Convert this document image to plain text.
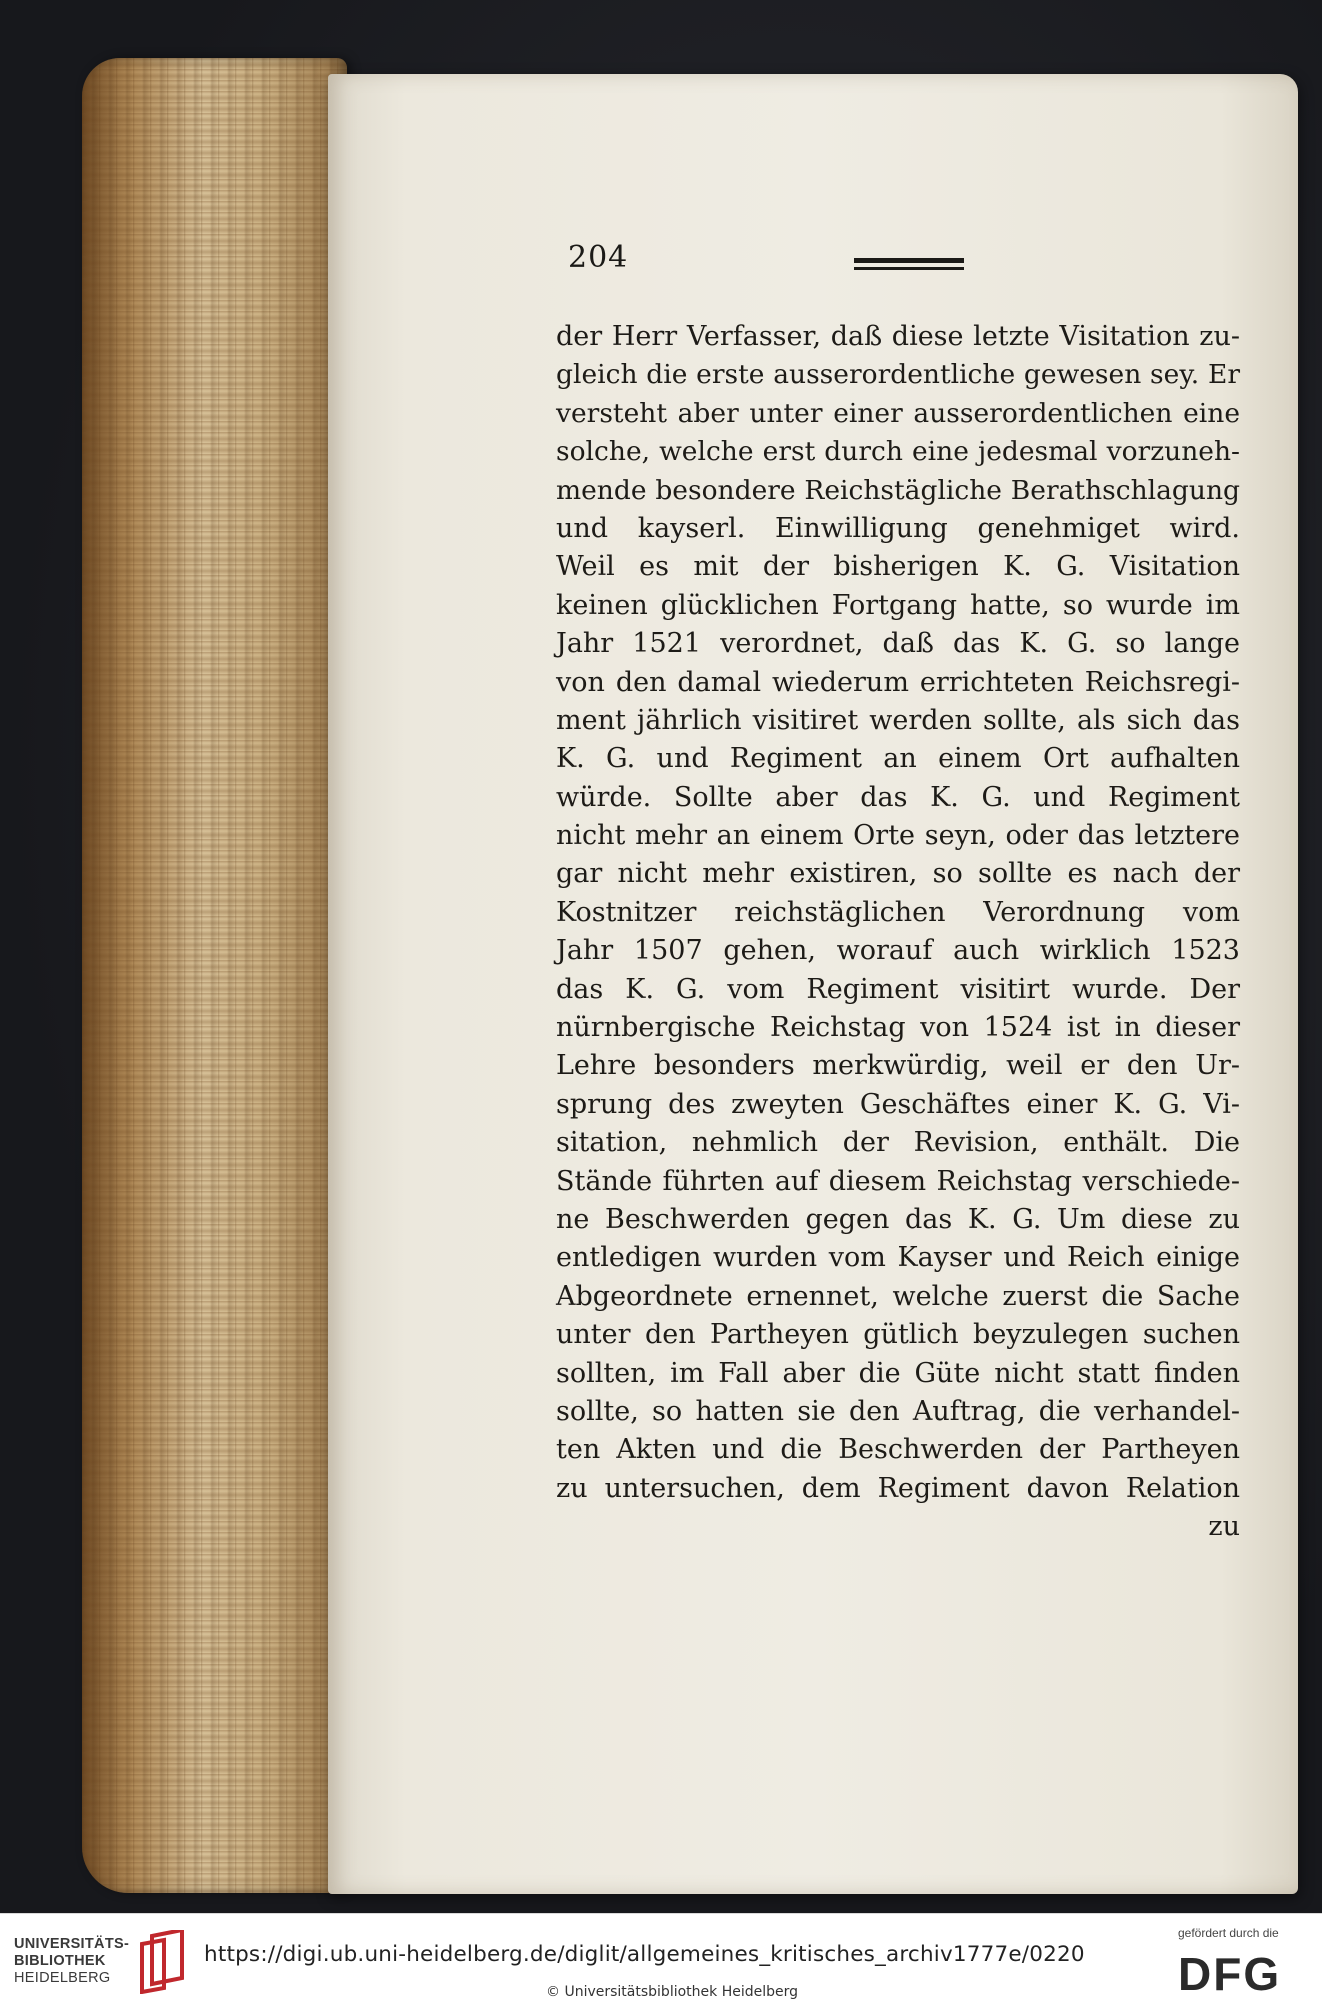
204
der Herr Verfasser, daß diese letzte Visitation zu-
gleich die erste ausserordentliche gewesen sey. Er
versteht aber unter einer ausserordentlichen eine
solche, welche erst durch eine jedesmal vorzuneh-
mende besondere Reichstägliche Berathschlagung
und kayserl. Einwilligung genehmiget wird.
Weil es mit der bisherigen K. G. Visitation
keinen glücklichen Fortgang hatte, so wurde im
Jahr 1521 verordnet, daß das K. G. so lange
von den damal wiederum errichteten Reichsregi-
ment jährlich visitiret werden sollte, als sich das
K. G. und Regiment an einem Ort aufhalten
würde. Sollte aber das K. G. und Regiment
nicht mehr an einem Orte seyn, oder das letztere
gar nicht mehr existiren, so sollte es nach der
Kostnitzer reichstäglichen Verordnung vom
Jahr 1507 gehen, worauf auch wirklich 1523
das K. G. vom Regiment visitirt wurde. Der
nürnbergische Reichstag von 1524 ist in dieser
Lehre besonders merkwürdig, weil er den Ur-
sprung des zweyten Geschäftes einer K. G. Vi-
sitation, nehmlich der Revision, enthält. Die
Stände führten auf diesem Reichstag verschiede-
ne Beschwerden gegen das K. G. Um diese zu
entledigen wurden vom Kayser und Reich einige
Abgeordnete ernennet, welche zuerst die Sache
unter den Partheyen gütlich beyzulegen suchen
sollten, im Fall aber die Güte nicht statt finden
sollte, so hatten sie den Auftrag, die verhandel-
ten Akten und die Beschwerden der Partheyen
zu untersuchen, dem Regiment davon Relation
zu
UNIVERSITÄTS-
BIBLIOTHEK
HEIDELBERG
https://digi.ub.uni-heidelberg.de/diglit/allgemeines_kritisches_archiv1777e/0220
© Universitätsbibliothek Heidelberg
gefördert durch die
DFG
